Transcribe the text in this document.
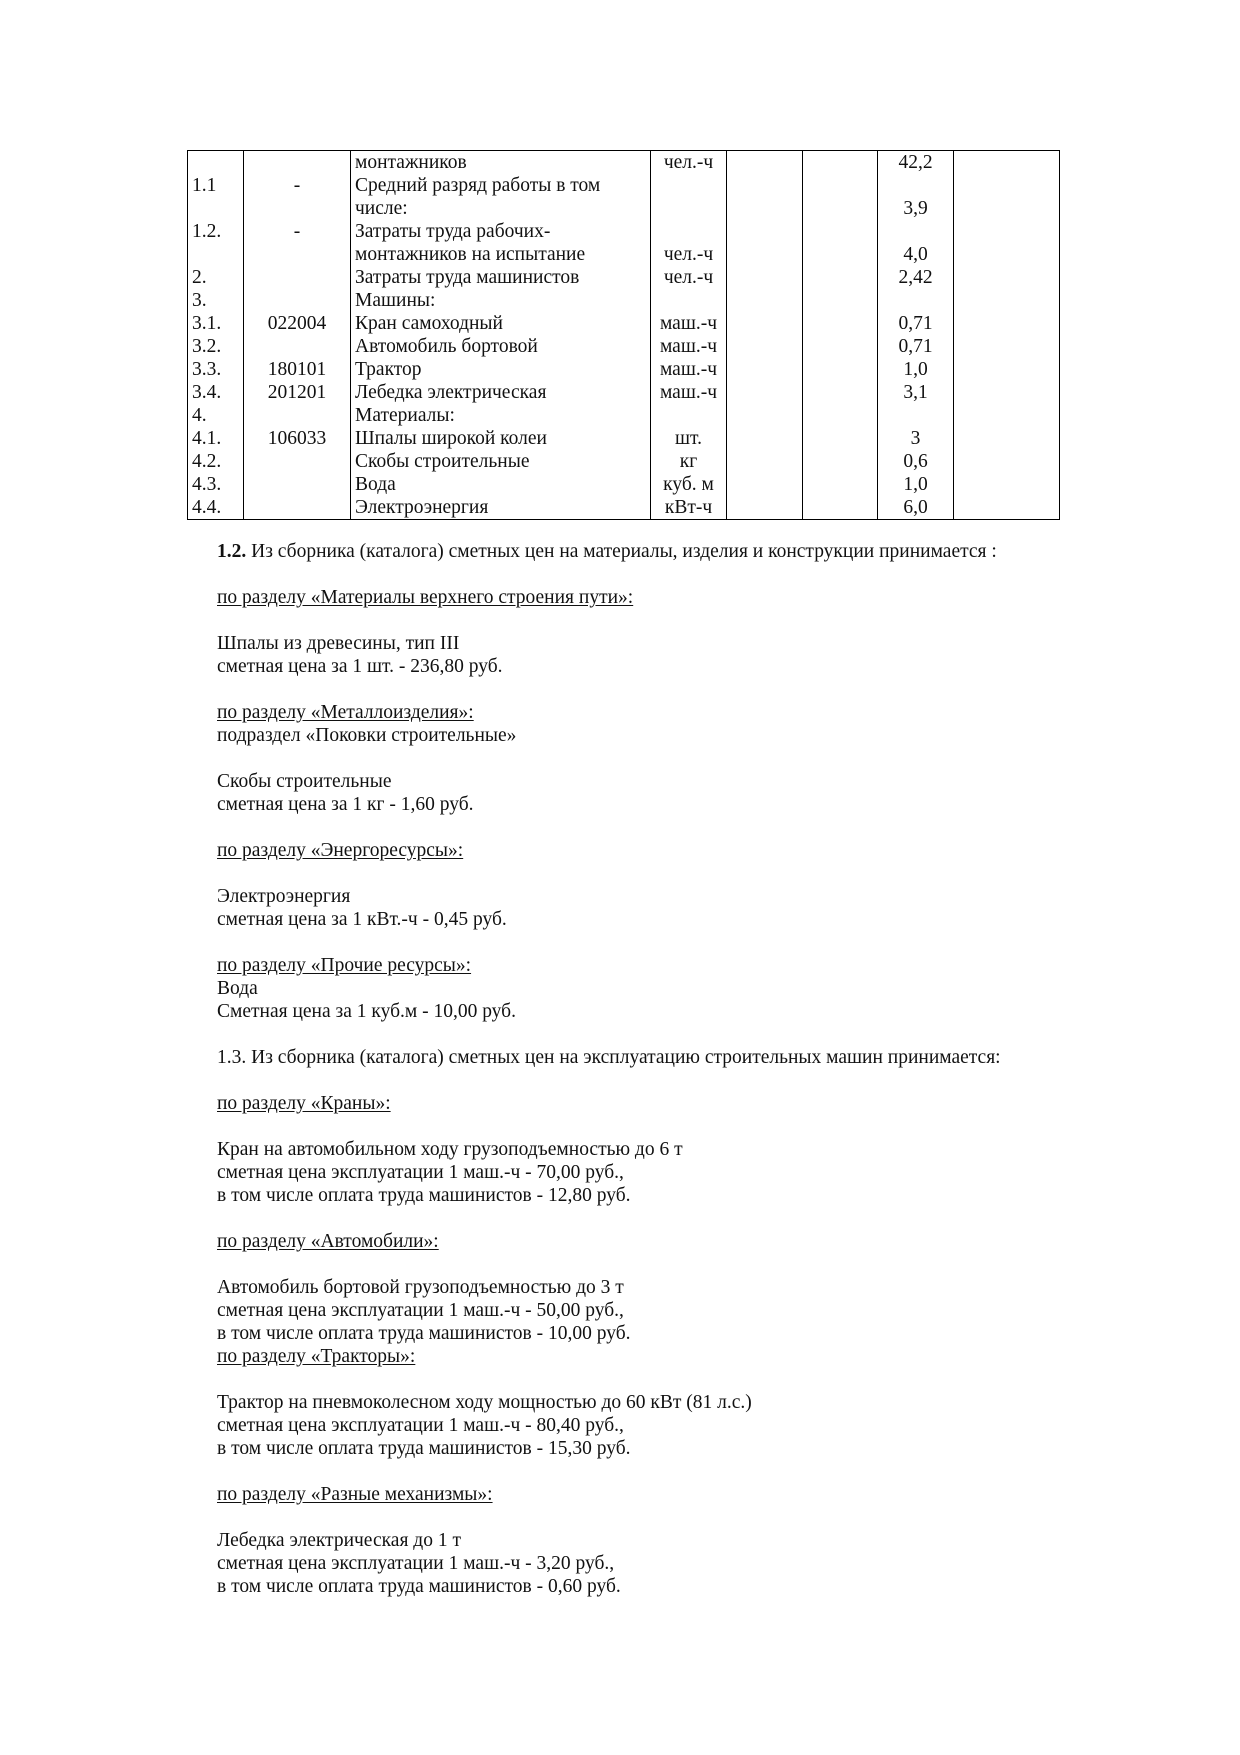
		монтажников	чел.-ч			42,2	
1.1	-	Средний разряд работы в том					
		числе:				3,9	
1.2.	-	Затраты труда рабочих-					
		монтажников на испытание	чел.-ч			4,0	
2.		Затраты труда машинистов	чел.-ч			2,42	
3.		Машины:					
3.1.	022004	Кран самоходный	маш.-ч			0,71	
3.2.		Автомобиль бортовой	маш.-ч			0,71	
3.3.	180101	Трактор	маш.-ч			1,0	
3.4.	201201	Лебедка электрическая	маш.-ч			3,1	
4.		Материалы:					
4.1.	106033	Шпалы широкой колеи	шт.			3	
4.2.		Скобы строительные	кг			0,6	
4.3.		Вода	куб. м			1,0	
4.4.		Электроэнергия	кВт-ч			6,0	

1.2. Из сборника (каталога) сметных цен на материалы, изделия и конструкции принимается :

по разделу «Материалы верхнего строения пути»:

Шпалы из древесины, тип III

сметная цена за 1 шт. - 236,80 руб.

по разделу «Металлоизделия»:

подраздел «Поковки строительные»

Скобы строительные

сметная цена за 1 кг - 1,60 руб.

по разделу «Энергоресурсы»:

Электроэнергия

сметная цена за 1 кВт.-ч - 0,45 руб.

по разделу «Прочие ресурсы»:

Вода

Сметная цена за 1 куб.м - 10,00 руб.

1.3. Из сборника (каталога) сметных цен на эксплуатацию строительных машин принимается:

по разделу «Краны»:

Кран на автомобильном ходу грузоподъемностью до 6 т

сметная цена эксплуатации 1 маш.-ч - 70,00 руб.,

в том числе оплата труда машинистов - 12,80 руб.

по разделу «Автомобили»:

Автомобиль бортовой грузоподъемностью до 3 т

сметная цена эксплуатации 1 маш.-ч - 50,00 руб.,

в том числе оплата труда машинистов - 10,00 руб.

по разделу «Тракторы»:

Трактор на пневмоколесном ходу мощностью до 60 кВт (81 л.с.)

сметная цена эксплуатации 1 маш.-ч - 80,40 руб.,

в том числе оплата труда машинистов - 15,30 руб.

по разделу «Разные механизмы»:

Лебедка электрическая до 1 т

сметная цена эксплуатации 1 маш.-ч - 3,20 руб.,

в том числе оплата труда машинистов - 0,60 руб.
